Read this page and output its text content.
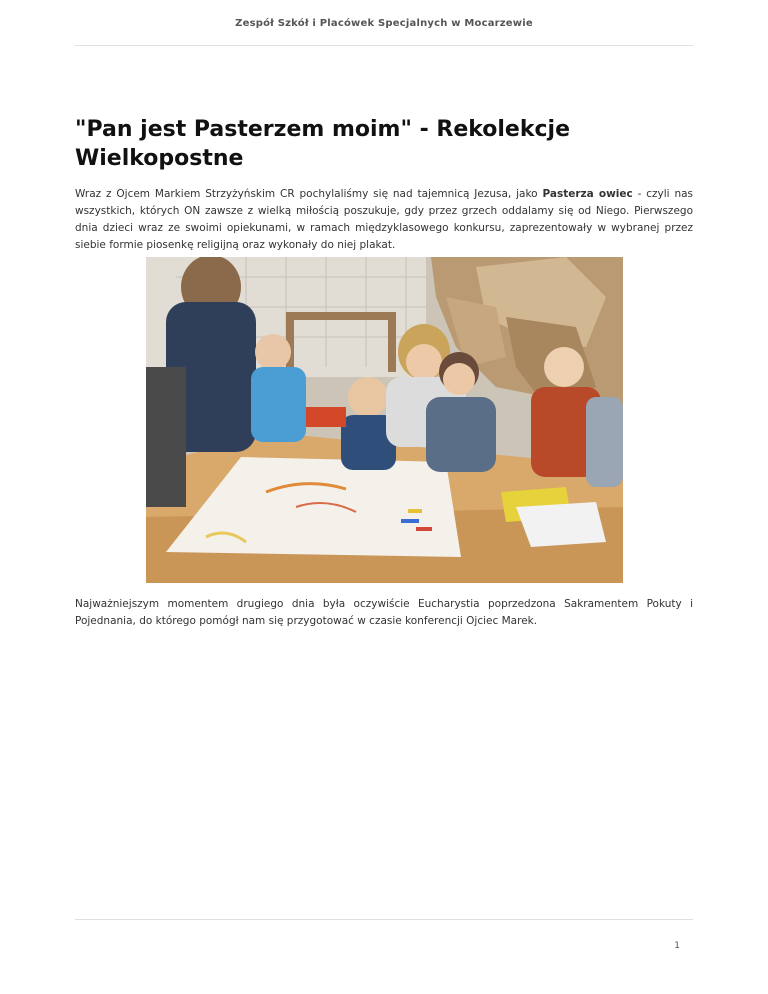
Zespół Szkół i Placówek Specjalnych w Mocarzewie
"Pan jest Pasterzem moim" - Rekolekcje Wielkopostne

Wraz z Ojcem Markiem Strzyżyńskim CR pochylaliśmy się nad tajemnicą Jezusa, jako Pasterza owiec - czyli nas wszystkich, których ON zawsze z wielką miłością poszukuje, gdy przez grzech oddalamy się od Niego. Pierwszego dnia dzieci wraz ze swoimi opiekunami, w ramach międzyklasowego konkursu, zaprezentowały w wybranej przez siebie formie piosenkę religijną oraz wykonały do niej plakat.

Najważniejszym momentem drugiego dnia była oczywiście Eucharystia poprzedzona Sakramentem Pokuty i Pojednania, do którego pomógł nam się przygotować w czasie konferencji Ojciec Marek.

1
